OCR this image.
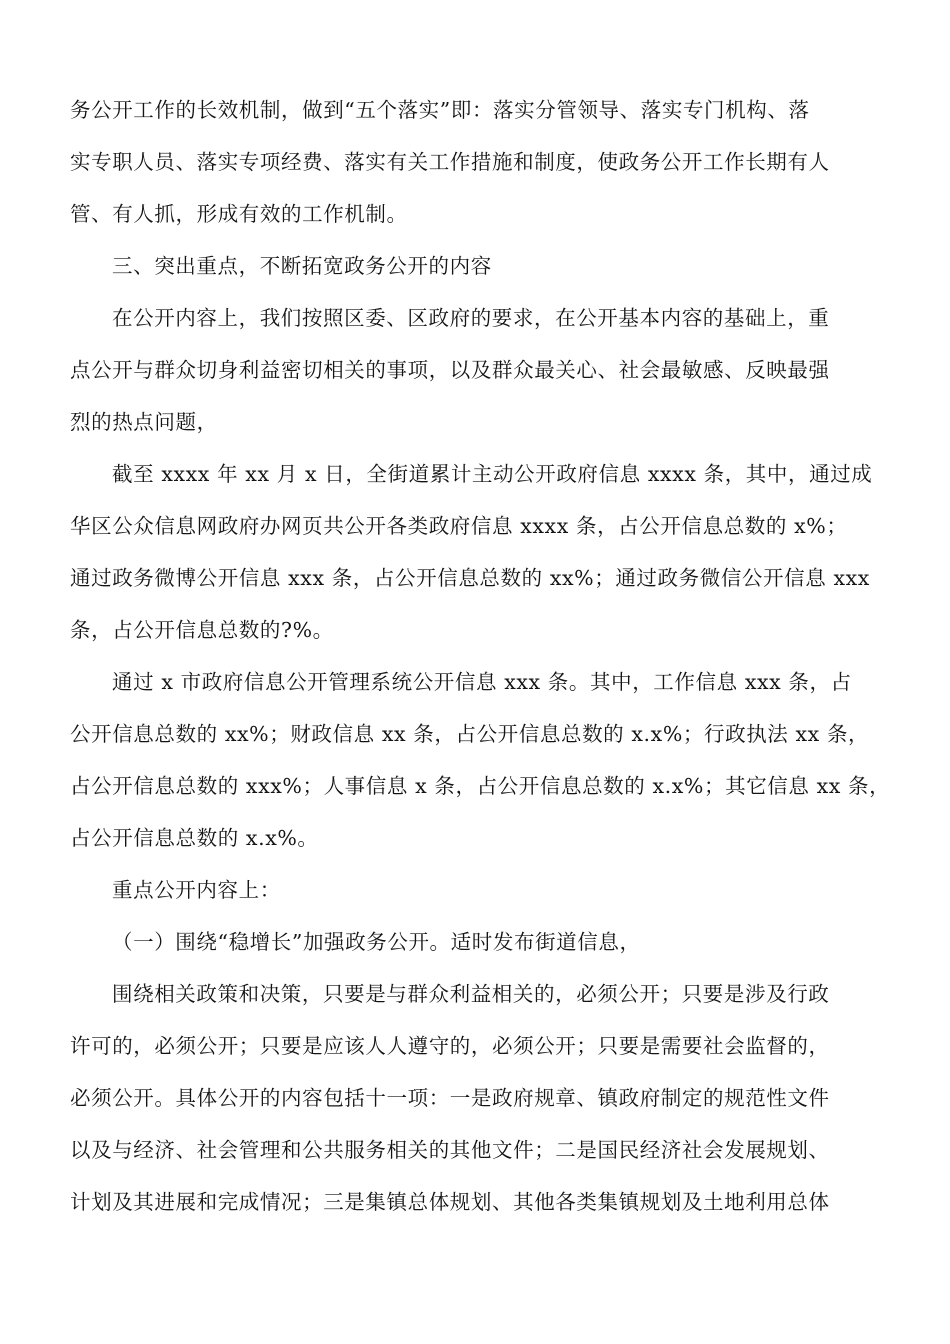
务公开工作的长效机制，做到“五个落实”即：落实分管领导、落实专门机构、落
实专职人员、落实专项经费、落实有关工作措施和制度，使政务公开工作长期有人
管、有人抓，形成有效的工作机制。
三、突出重点，不断拓宽政务公开的内容
在公开内容上，我们按照区委、区政府的要求，在公开基本内容的基础上，重
点公开与群众切身利益密切相关的事项，以及群众最关心、社会最敏感、反映最强
烈的热点问题，
截至 xxxx 年 xx 月 x 日，全街道累计主动公开政府信息 xxxx 条，其中，通过成
华区公众信息网政府办网页共公开各类政府信息 xxxx 条，占公开信息总数的 x%；
通过政务微博公开信息 xxx 条，占公开信息总数的 xx%；通过政务微信公开信息 xxx
条，占公开信息总数的?%。
通过 x 市政府信息公开管理系统公开信息 xxx 条。其中，工作信息 xxx 条，占
公开信息总数的 xx%；财政信息 xx 条，占公开信息总数的 x.x%；行政执法 xx 条，
占公开信息总数的 xxx%；人事信息 x 条，占公开信息总数的 x.x%；其它信息 xx 条，
占公开信息总数的 x.x%。
重点公开内容上：
（一）围绕“稳增长”加强政务公开。适时发布街道信息，
围绕相关政策和决策，只要是与群众利益相关的，必须公开；只要是涉及行政
许可的，必须公开；只要是应该人人遵守的，必须公开；只要是需要社会监督的，
必须公开。具体公开的内容包括十一项：一是政府规章、镇政府制定的规范性文件
以及与经济、社会管理和公共服务相关的其他文件；二是国民经济社会发展规划、
计划及其进展和完成情况；三是集镇总体规划、其他各类集镇规划及土地利用总体
